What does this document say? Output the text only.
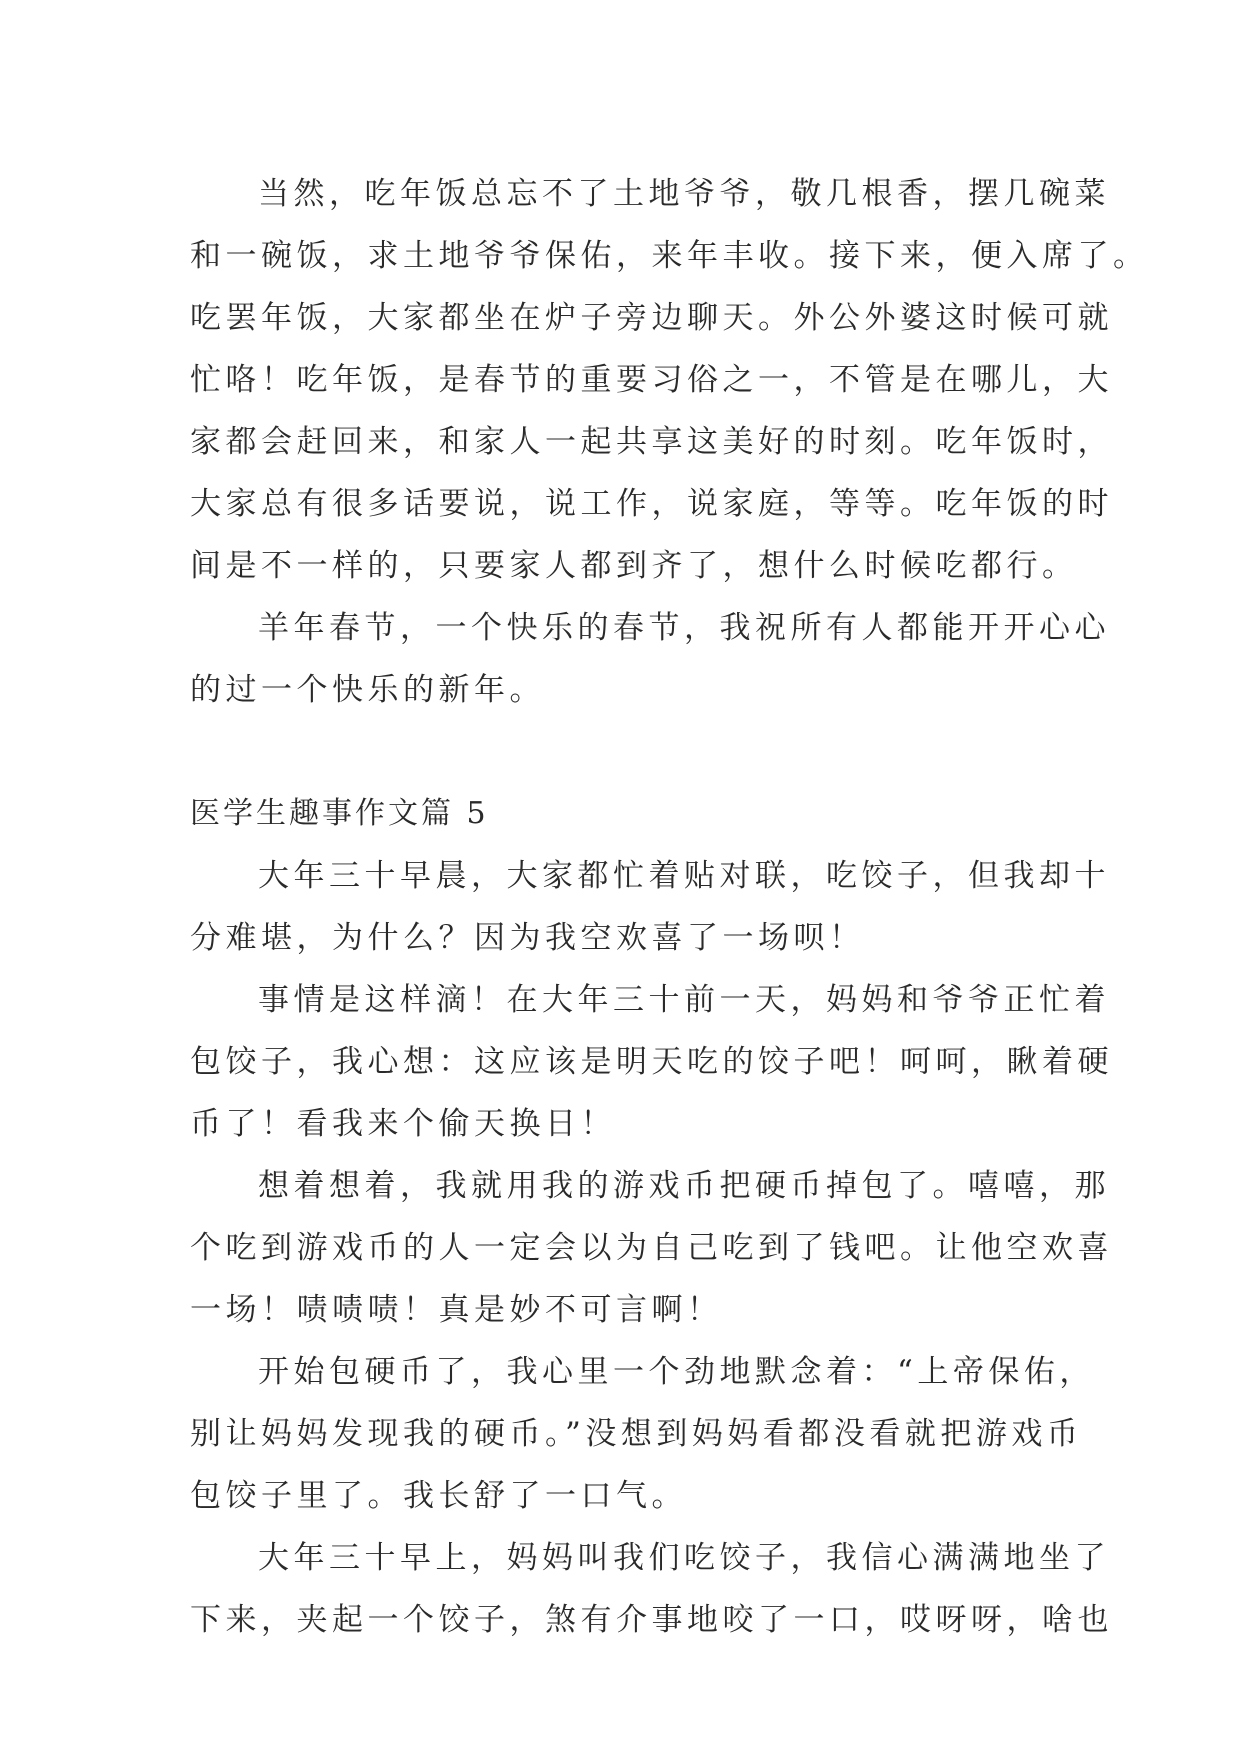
当然，吃年饭总忘不了土地爷爷，敬几根香，摆几碗菜
和一碗饭，求土地爷爷保佑，来年丰收。接下来，便入席了。
吃罢年饭，大家都坐在炉子旁边聊天。外公外婆这时候可就
忙咯！吃年饭，是春节的重要习俗之一，不管是在哪儿，大
家都会赶回来，和家人一起共享这美好的时刻。吃年饭时，
大家总有很多话要说，说工作，说家庭，等等。吃年饭的时
间是不一样的，只要家人都到齐了，想什么时候吃都行。
羊年春节，一个快乐的春节，我祝所有人都能开开心心
的过一个快乐的新年。
医学生趣事作文篇 5
大年三十早晨，大家都忙着贴对联，吃饺子，但我却十
分难堪，为什么？因为我空欢喜了一场呗！
事情是这样滴！在大年三十前一天，妈妈和爷爷正忙着
包饺子，我心想：这应该是明天吃的饺子吧！呵呵，瞅着硬
币了！看我来个偷天换日！
想着想着，我就用我的游戏币把硬币掉包了。嘻嘻，那
个吃到游戏币的人一定会以为自己吃到了钱吧。让他空欢喜
一场！啧啧啧！真是妙不可言啊！
开始包硬币了，我心里一个劲地默念着：“上帝保佑，
别让妈妈发现我的硬币。”没想到妈妈看都没看就把游戏币
包饺子里了。我长舒了一口气。
大年三十早上，妈妈叫我们吃饺子，我信心满满地坐了
下来，夹起一个饺子，煞有介事地咬了一口，哎呀呀，啥也
